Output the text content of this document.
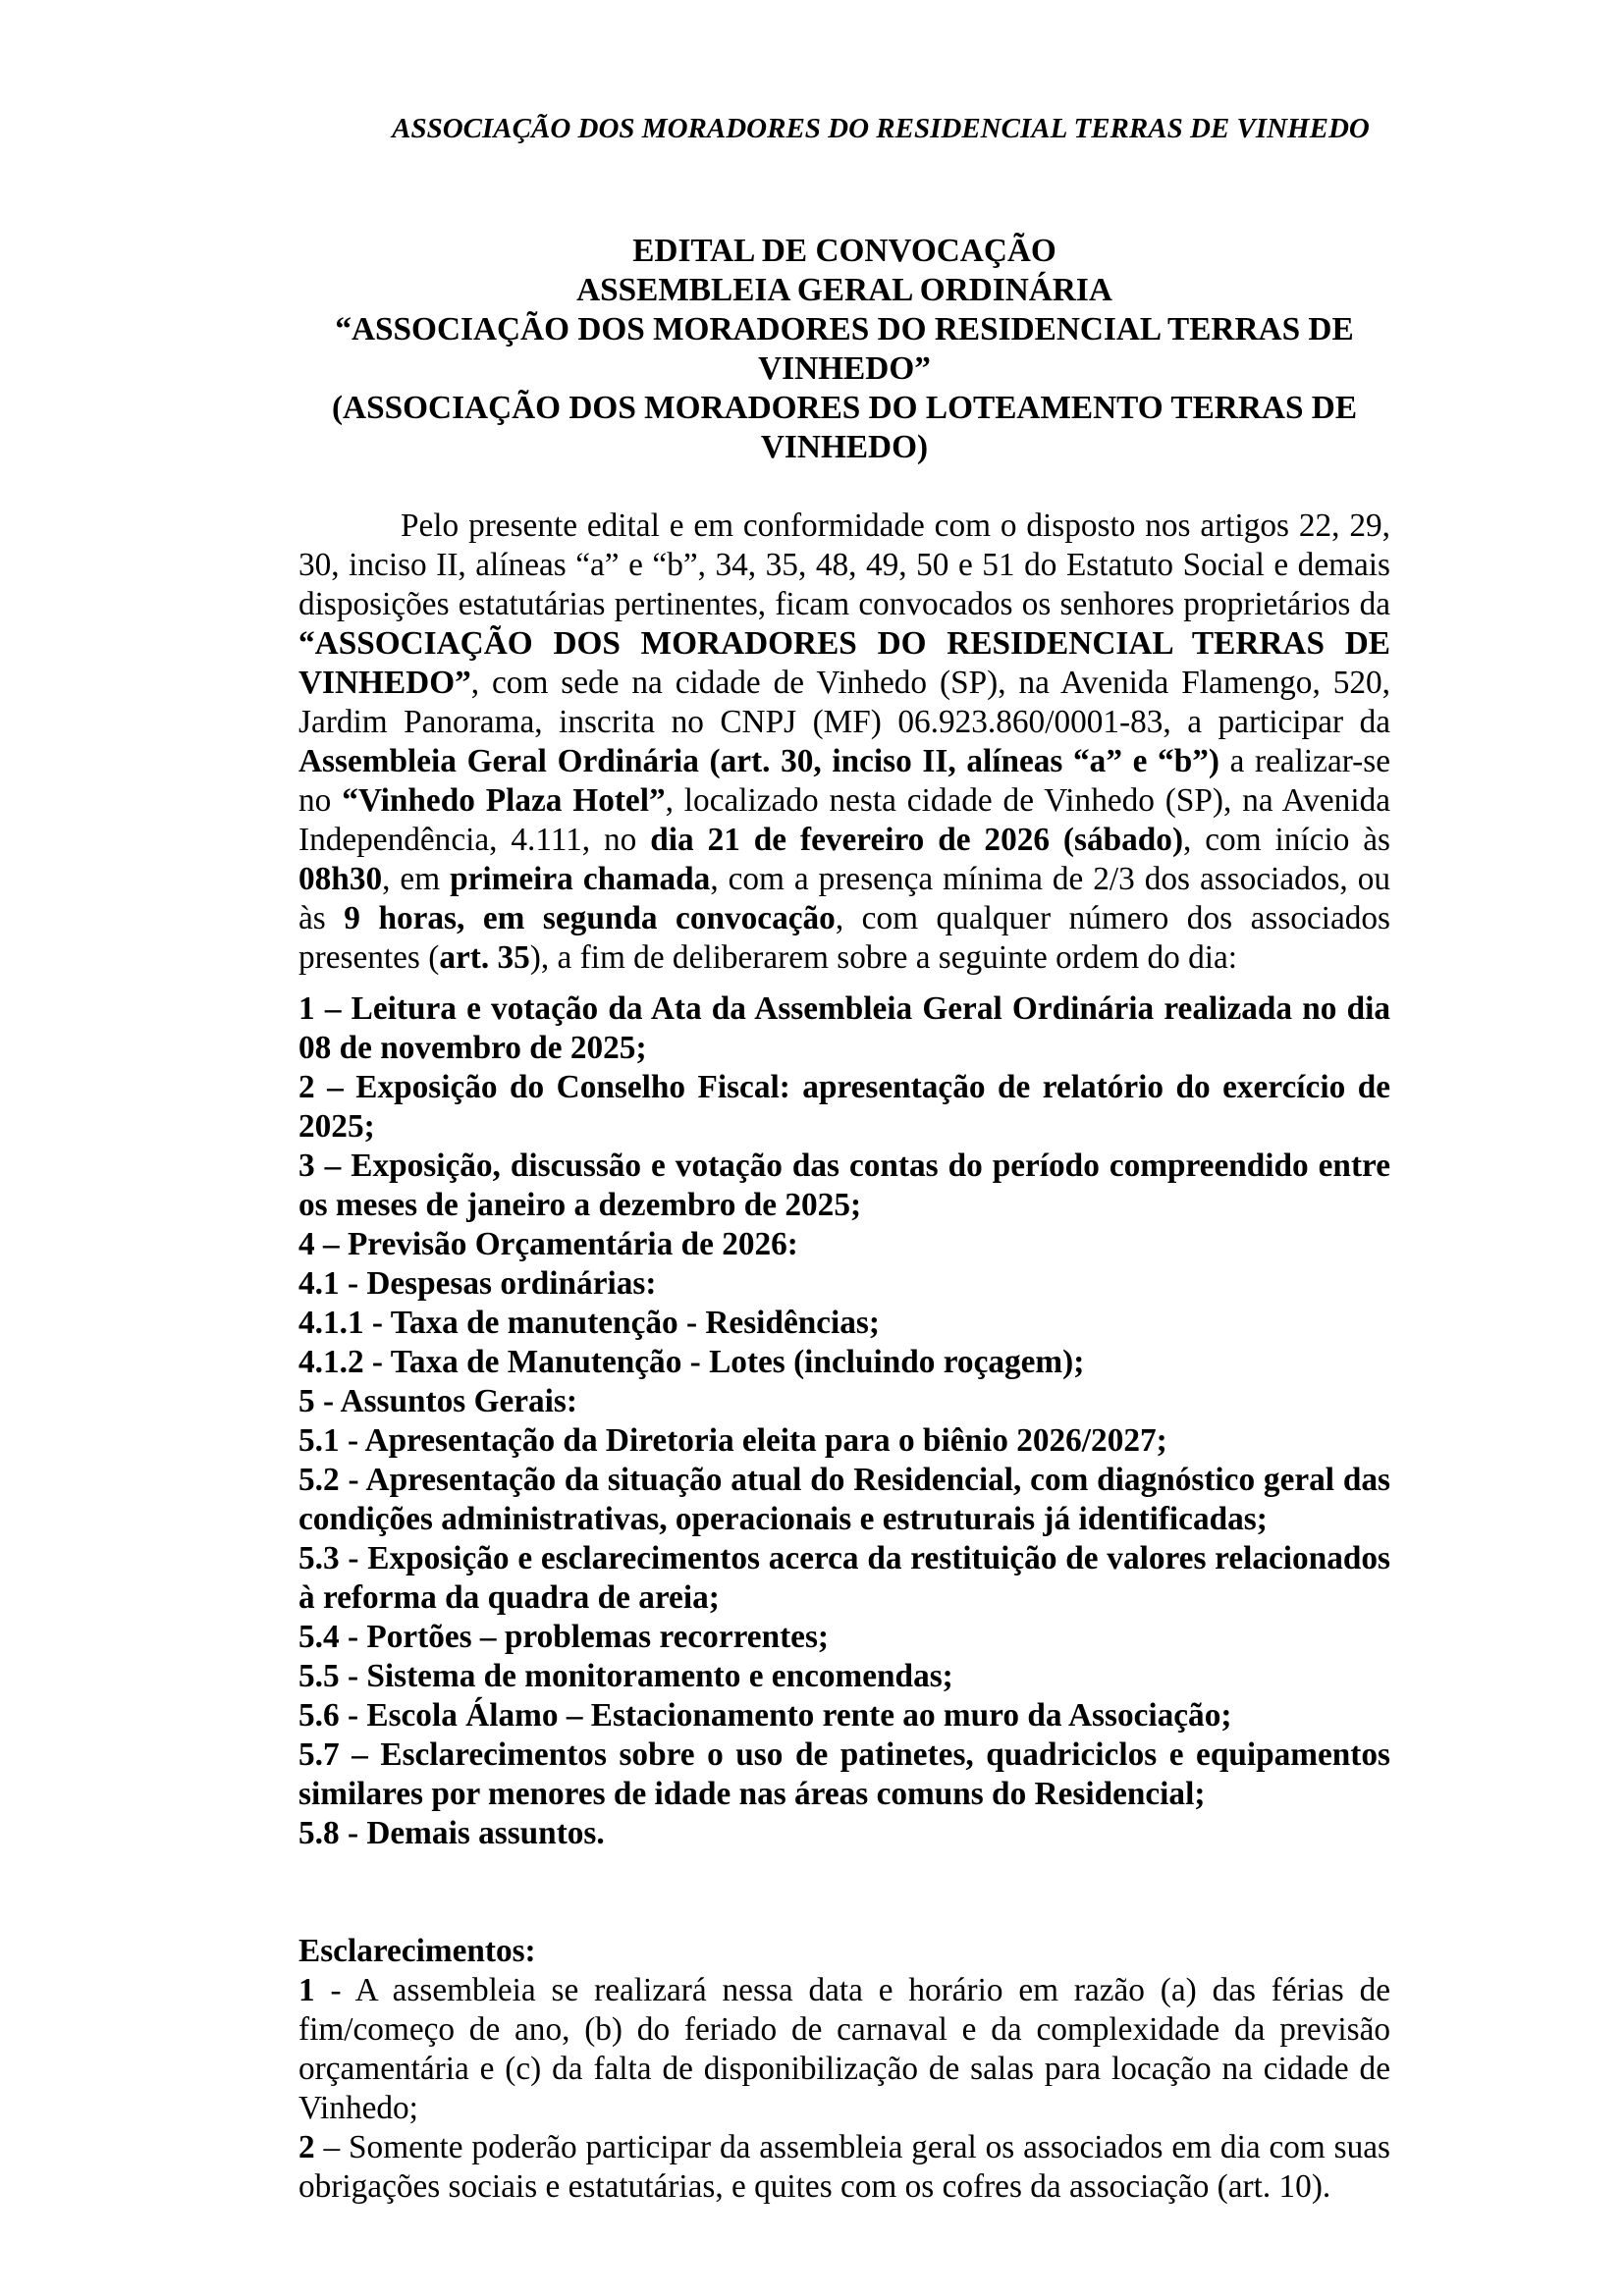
ASSOCIAÇÃO DOS MORADORES DO RESIDENCIAL TERRAS DE VINHEDO
EDITAL DE CONVOCAÇÃO
ASSEMBLEIA GERAL ORDINÁRIA
“ASSOCIAÇÃO DOS MORADORES DO RESIDENCIAL TERRAS DE VINHEDO”
(ASSOCIAÇÃO DOS MORADORES DO LOTEAMENTO TERRAS DE VINHEDO)

Pelo presente edital e em conformidade com o disposto nos artigos 22, 29, 30, inciso II, alíneas “a” e “b”, 34, 35, 48, 49, 50 e 51 do Estatuto Social e demais disposições estatutárias pertinentes, ficam convocados os senhores proprietários da “ASSOCIAÇÃO DOS MORADORES DO RESIDENCIAL TERRAS DE VINHEDO”, com sede na cidade de Vinhedo (SP), na Avenida Flamengo, 520, Jardim Panorama, inscrita no CNPJ (MF) 06.923.860/0001-83, a participar da Assembleia Geral Ordinária (art. 30, inciso II, alíneas “a” e “b”) a realizar-se no “Vinhedo Plaza Hotel”, localizado nesta cidade de Vinhedo (SP), na Avenida Independência, 4.111, no dia 21 de fevereiro de 2026 (sábado), com início às 08h30, em primeira chamada, com a presença mínima de 2/3 dos associados, ou às 9 horas, em segunda convocação, com qualquer número dos associados presentes (art. 35), a fim de deliberarem sobre a seguinte ordem do dia:

1 – Leitura e votação da Ata da Assembleia Geral Ordinária realizada no dia 08 de novembro de 2025;

2 – Exposição do Conselho Fiscal: apresentação de relatório do exercício de 2025;

3 – Exposição, discussão e votação das contas do período compreendido entre os meses de janeiro a dezembro de 2025;

4 – Previsão Orçamentária de 2026:

4.1 - Despesas ordinárias:

4.1.1 - Taxa de manutenção - Residências;

4.1.2 - Taxa de Manutenção - Lotes (incluindo roçagem);

5 - Assuntos Gerais:

5.1 - Apresentação da Diretoria eleita para o biênio 2026/2027;

5.2 - Apresentação da situação atual do Residencial, com diagnóstico geral das condições administrativas, operacionais e estruturais já identificadas;

5.3 - Exposição e esclarecimentos acerca da restituição de valores relacionados à reforma da quadra de areia;

5.4 - Portões – problemas recorrentes;

5.5 - Sistema de monitoramento e encomendas;

5.6 - Escola Álamo – Estacionamento rente ao muro da Associação;

5.7 – Esclarecimentos sobre o uso de patinetes, quadriciclos e equipamentos similares por menores de idade nas áreas comuns do Residencial;

5.8 - Demais assuntos.

Esclarecimentos:

1 - A assembleia se realizará nessa data e horário em razão (a) das férias de fim/começo de ano, (b) do feriado de carnaval e da complexidade da previsão orçamentária e (c) da falta de disponibilização de salas para locação na cidade de Vinhedo;

2 – Somente poderão participar da assembleia geral os associados em dia com suas obrigações sociais e estatutárias, e quites com os cofres da associação (art. 10).
